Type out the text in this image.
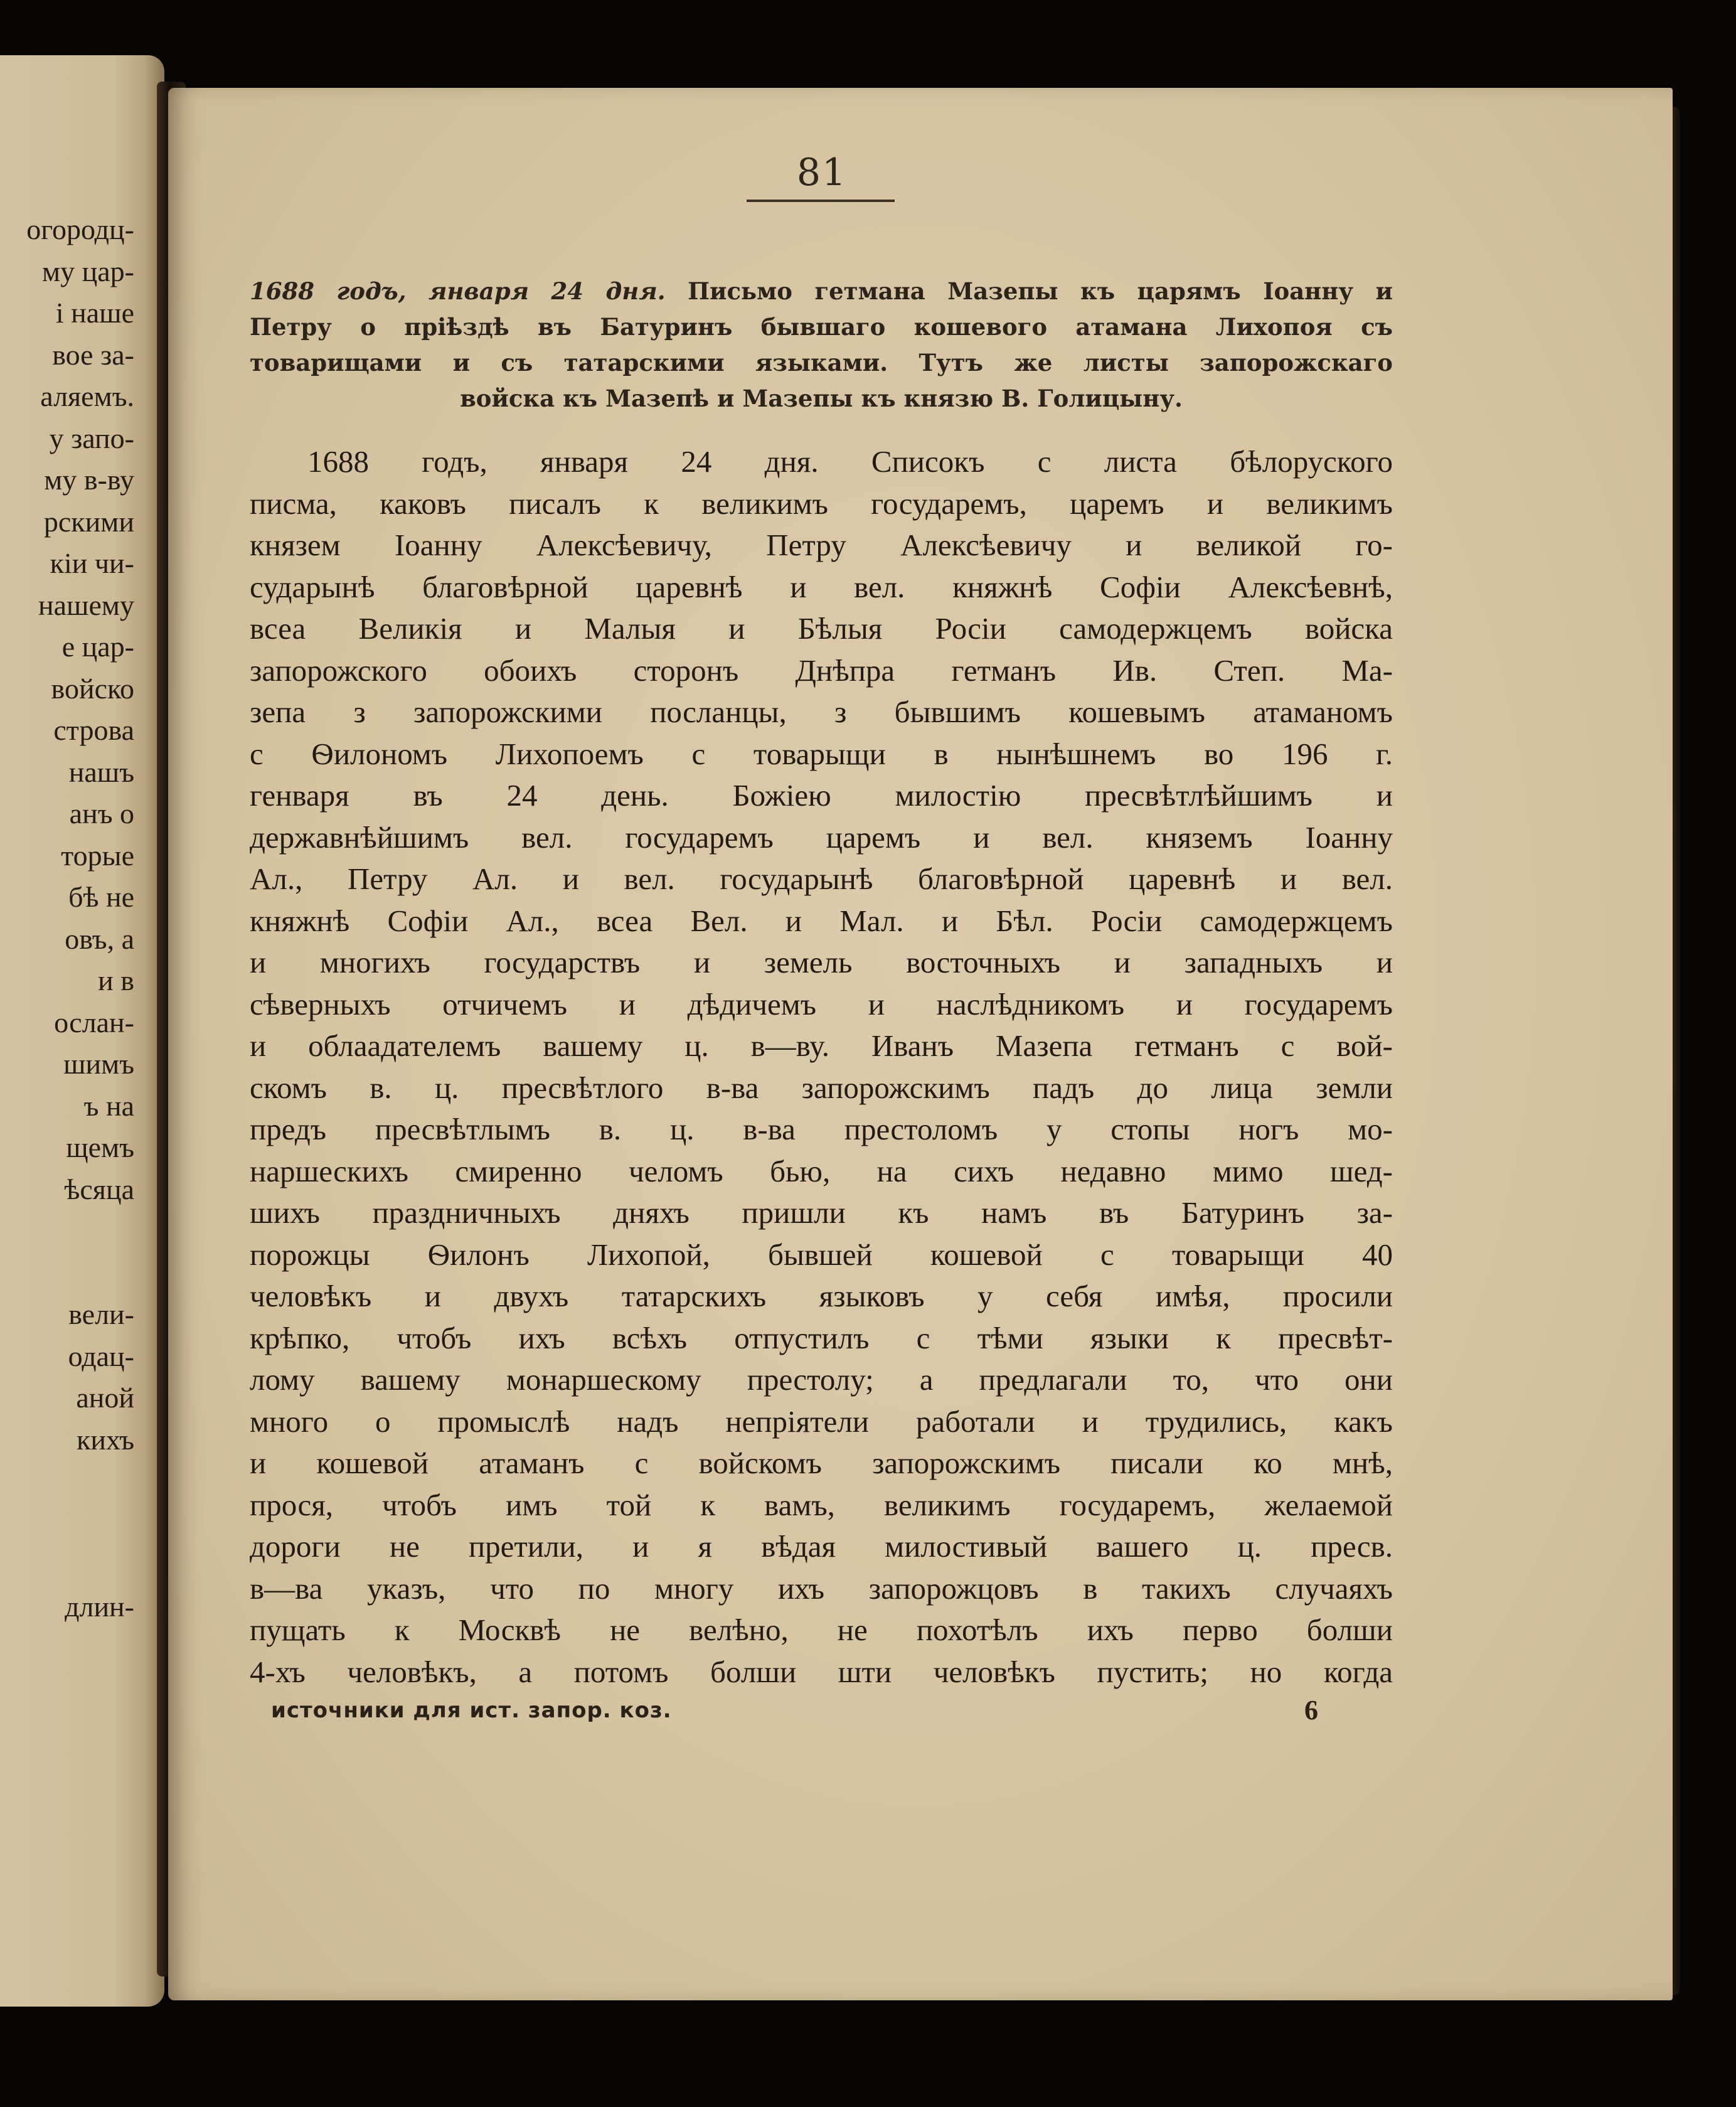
огородц-
му цар-
і наше
вое за-
аляемъ.
у запо-
му в-ву
рскими
кіи чи-
нашему
е цар-
войско
строва
нашъ
анъ о
торые
бѣ не
овъ, а
и в
ослан-
шимъ
ъ на
щемъ
ѣсяца
вели-
одац-
аной
кихъ
длин-
81
1688 годъ, января 24 дня. Письмо гетмана Мазепы къ царямъ Іоанну и
Петру о пріѣздѣ въ Батуринъ бывшаго кошевого атамана Лихопоя съ
товарищами и съ татарскими языками. Тутъ же листы запорожскаго
войска къ Мазепѣ и Мазепы къ князю В. Голицыну.
1688 годъ, января 24 дня. Списокъ с листа бѣлоруского
писма, каковъ писалъ к великимъ государемъ, царемъ и великимъ
князем Іоанну Алексѣевичу, Петру Алексѣевичу и великой го-
сударынѣ благовѣрной царевнѣ и вел. княжнѣ Софіи Алексѣевнѣ,
всеа Великія и Малыя и Бѣлыя Росіи самодержцемъ войска
запорожского обоихъ сторонъ Днѣпра гетманъ Ив. Степ. Ма-
зепа з запорожскими посланцы, з бывшимъ кошевымъ атаманомъ
с Ѳилономъ Лихопоемъ с товарыщи в нынѣшнемъ во 196 г.
генваря въ 24 день. Божіею милостію пресвѣтлѣйшимъ и
державнѣйшимъ вел. государемъ царемъ и вел. княземъ Іоанну
Ал., Петру Ал. и вел. государынѣ благовѣрной царевнѣ и вел.
княжнѣ Софіи Ал., всеа Вел. и Мал. и Бѣл. Росіи самодержцемъ
и многихъ государствъ и земель восточныхъ и западныхъ и
сѣверныхъ отчичемъ и дѣдичемъ и наслѣдникомъ и государемъ
и облаадателемъ вашему ц. в—ву. Иванъ Мазепа гетманъ с вой-
скомъ в. ц. пресвѣтлого в-ва запорожскимъ падъ до лица земли
предъ пресвѣтлымъ в. ц. в-ва престоломъ у стопы ногъ мо-
наршескихъ смиренно челомъ бью, на сихъ недавно мимо шед-
шихъ праздничныхъ дняхъ пришли къ намъ въ Батуринъ за-
порожцы Ѳилонъ Лихопой, бывшей кошевой с товарыщи 40
человѣкъ и двухъ татарскихъ языковъ у себя имѣя, просили
крѣпко, чтобъ ихъ всѣхъ отпустилъ с тѣми языки к пресвѣт-
лому вашему монаршескому престолу; а предлагали то, что они
много о промыслѣ надъ непріятели работали и трудились, какъ
и кошевой атаманъ с войскомъ запорожскимъ писали ко мнѣ,
прося, чтобъ имъ той к вамъ, великимъ государемъ, желаемой
дороги не претили, и я вѣдая милостивый вашего ц. пресв.
в—ва указъ, что по многу ихъ запорожцовъ в такихъ случаяхъ
пущать к Москвѣ не велѣно, не похотѣлъ ихъ перво болши
4-хъ человѣкъ, а потомъ болши шти человѣкъ пустить; но когда
источники для ист. запор. коз.	6
